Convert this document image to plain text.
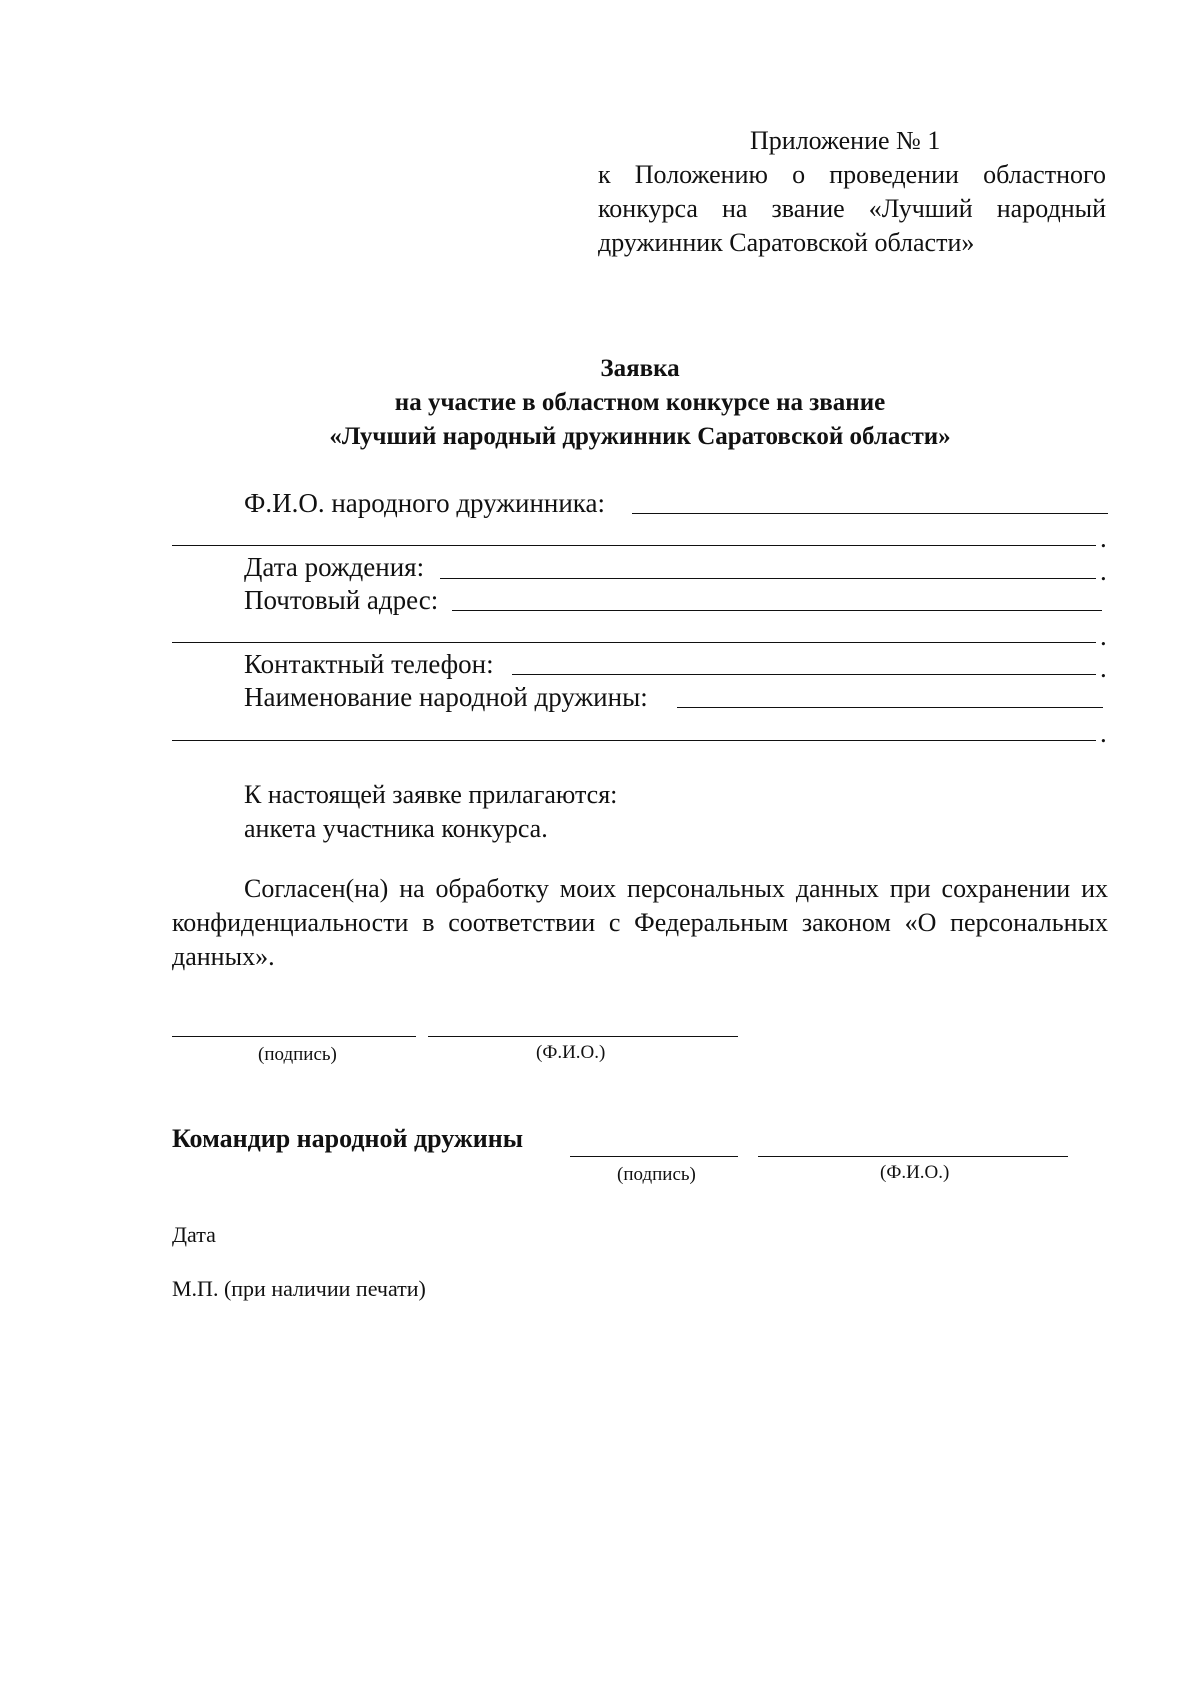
Приложение № 1
к Положению о проведении областного конкурса на звание «Лучший народный дружинник Саратовской области»
Заявка
на участие в областном конкурсе на звание
«Лучший народный дружинник Саратовской области»
Ф.И.О. народного дружинника:
.
Дата рождения:	.
Почтовый адрес:
.
Контактный телефон:	.
Наименование народной дружины:
.
К настоящей заявке прилагаются:
анкета участника конкурса.
Согласен(на) на обработку моих персональных данных при сохранении их конфиденциальности в соответствии с Федеральным законом «О персональных данных».
(подпись)	(Ф.И.О.)
Командир народной дружины
(подпись)	(Ф.И.О.)
Дата
М.П. (при наличии печати)
